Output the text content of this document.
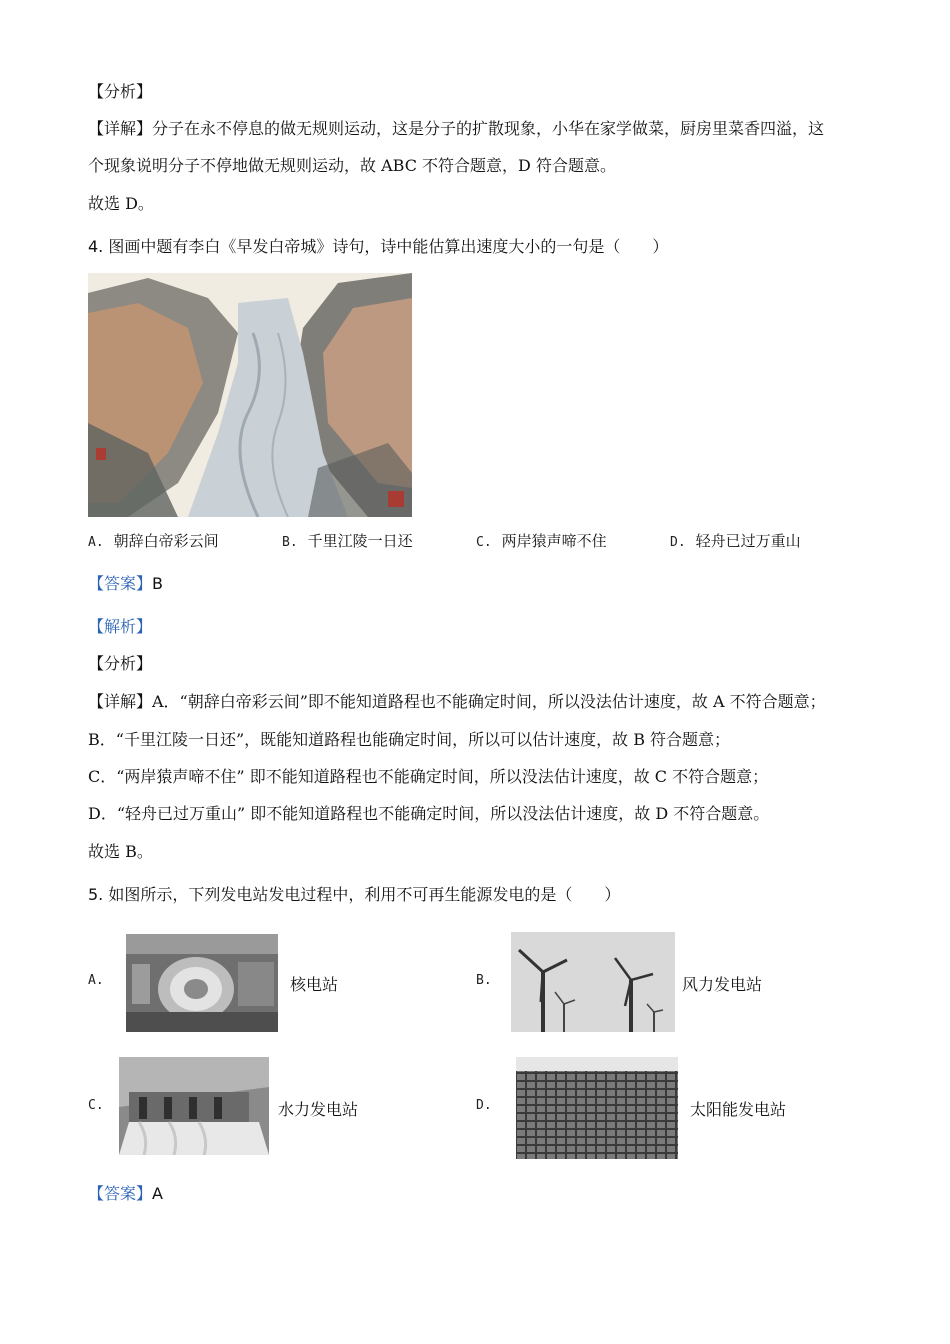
【分析】
【详解】分子在永不停息的做无规则运动，这是分子的扩散现象，小华在家学做菜，厨房里菜香四溢，这
个现象说明分子不停地做无规则运动，故 ABC 不符合题意，D 符合题意。
故选 D。
4. 图画中题有李白《早发白帝城》诗句，诗中能估算出速度大小的一句是（　　）
A. 朝辞白帝彩云间	B. 千里江陵一日还	C. 两岸猿声啼不住	D. 轻舟已过万重山
【答案】B
【解析】
【分析】
【详解】A．“朝辞白帝彩云间”即不能知道路程也不能确定时间，所以没法估计速度，故 A 不符合题意；
B．“千里江陵一日还”，既能知道路程也能确定时间，所以可以估计速度，故 B 符合题意；
C．“两岸猿声啼不住” 即不能知道路程也不能确定时间，所以没法估计速度，故 C 不符合题意；
D．“轻舟已过万重山” 即不能知道路程也不能确定时间，所以没法估计速度，故 D 不符合题意。
故选 B。
5. 如图所示，下列发电站发电过程中，利用不可再生能源发电的是（　　）
A.	核电站	B.	风力发电站
C.	水力发电站	D.	太阳能发电站
【答案】A
